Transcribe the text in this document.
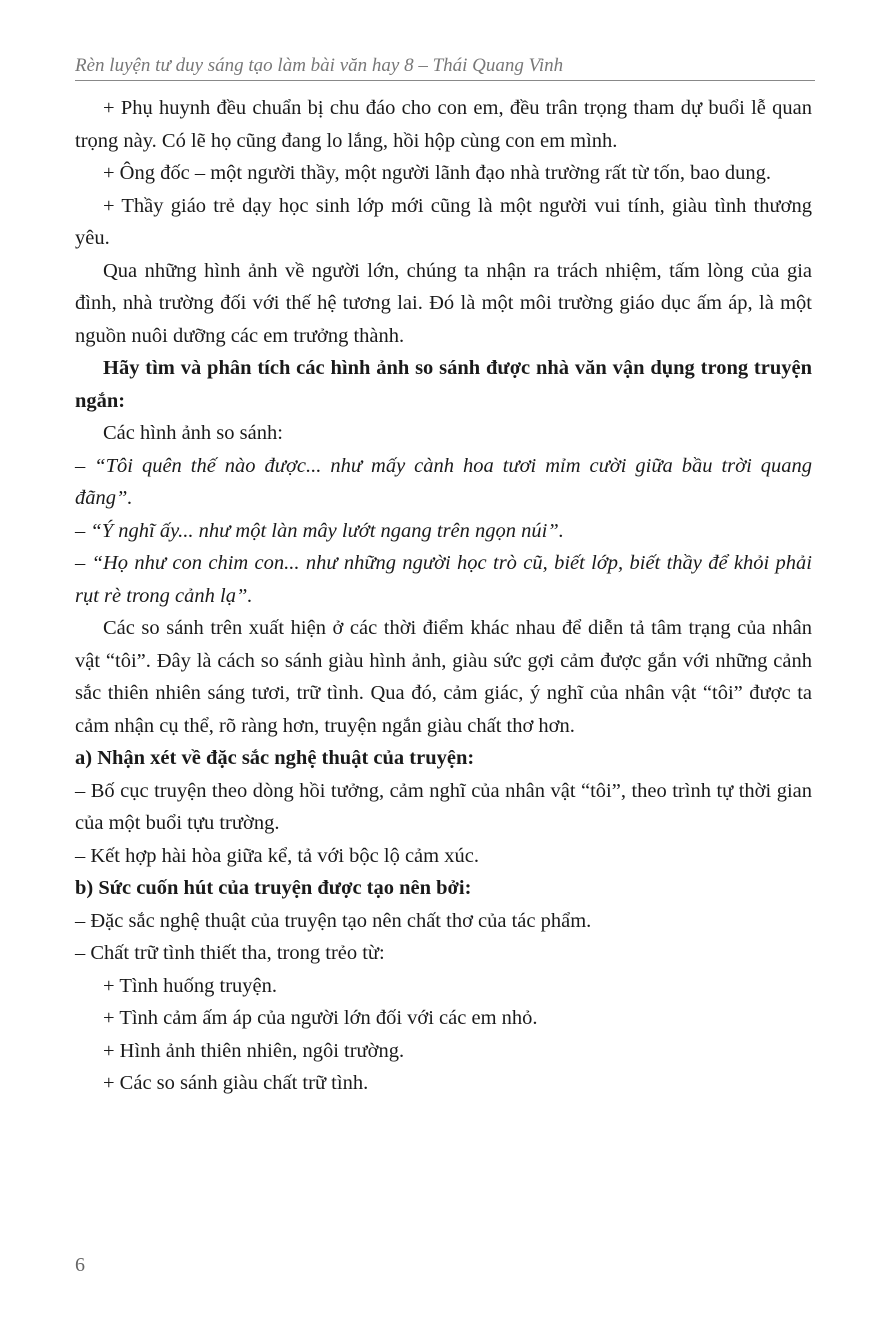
Rèn luyện tư duy sáng tạo làm bài văn hay 8 – Thái Quang Vinh

+ Phụ huynh đều chuẩn bị chu đáo cho con em, đều trân trọng tham dự buổi lễ quan trọng này. Có lẽ họ cũng đang lo lắng, hồi hộp cùng con em mình.

+ Ông đốc – một người thầy, một người lãnh đạo nhà trường rất từ tốn, bao dung.

+ Thầy giáo trẻ dạy học sinh lớp mới cũng là một người vui tính, giàu tình thương yêu.

Qua những hình ảnh về người lớn, chúng ta nhận ra trách nhiệm, tấm lòng của gia đình, nhà trường đối với thế hệ tương lai. Đó là một môi trường giáo dục ấm áp, là một nguồn nuôi dưỡng các em trưởng thành.

Hãy tìm và phân tích các hình ảnh so sánh được nhà văn vận dụng trong truyện ngắn:

Các hình ảnh so sánh:

– “Tôi quên thế nào được... như mấy cành hoa tươi mỉm cười giữa bầu trời quang đãng”.

– “Ý nghĩ ấy... như một làn mây lướt ngang trên ngọn núi”.

– “Họ như con chim con... như những người học trò cũ, biết lớp, biết thầy để khỏi phải rụt rè trong cảnh lạ”.

Các so sánh trên xuất hiện ở các thời điểm khác nhau để diễn tả tâm trạng của nhân vật “tôi”. Đây là cách so sánh giàu hình ảnh, giàu sức gợi cảm được gắn với những cảnh sắc thiên nhiên sáng tươi, trữ tình. Qua đó, cảm giác, ý nghĩ của nhân vật “tôi” được ta cảm nhận cụ thể, rõ ràng hơn, truyện ngắn giàu chất thơ hơn.

a) Nhận xét về đặc sắc nghệ thuật của truyện:

– Bố cục truyện theo dòng hồi tưởng, cảm nghĩ của nhân vật “tôi”, theo trình tự thời gian của một buổi tựu trường.

– Kết hợp hài hòa giữa kể, tả với bộc lộ cảm xúc.

b) Sức cuốn hút của truyện được tạo nên bởi:

– Đặc sắc nghệ thuật của truyện tạo nên chất thơ của tác phẩm.

– Chất trữ tình thiết tha, trong trẻo từ:

+ Tình huống truyện.

+ Tình cảm ấm áp của người lớn đối với các em nhỏ.

+ Hình ảnh thiên nhiên, ngôi trường.

+ Các so sánh giàu chất trữ tình.

6
